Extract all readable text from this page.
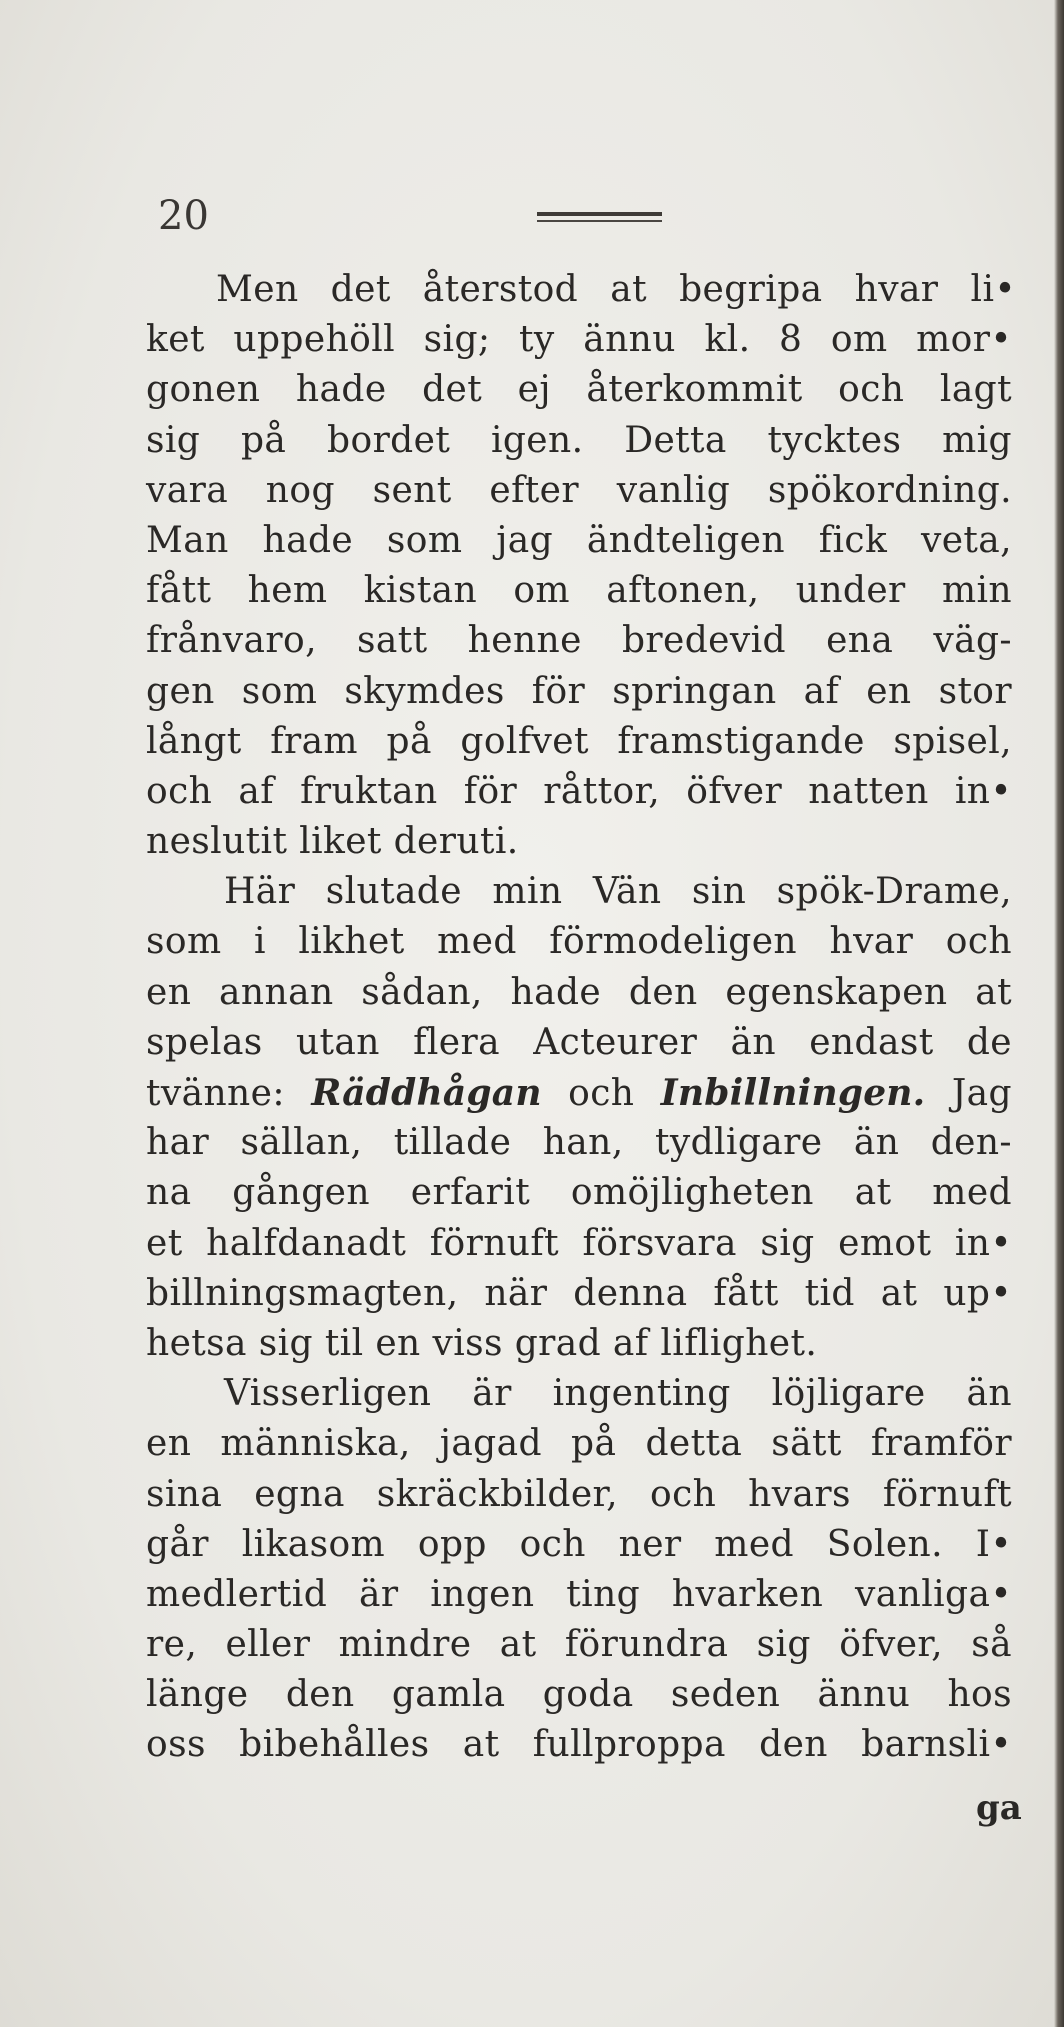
20
Men det återstod at begripa hvar li•
ket uppehöll sig; ty ännu kl. 8 om mor•
gonen hade det ej återkommit och lagt
sig på bordet igen. Detta tycktes mig
vara nog sent efter vanlig spökordning.
Man hade som jag ändteligen fick veta,
fått hem kistan om aftonen, under min
frånvaro, satt henne bredevid ena väg-
gen som skymdes för springan af en stor
långt fram på golfvet framstigande spisel,
och af fruktan för råttor, öfver natten in•
neslutit liket deruti.
Här slutade min Vän sin spök-Drame,
som i likhet med förmodeligen hvar och
en annan sådan, hade den egenskapen at
spelas utan flera Acteurer än endast de
tvänne: Räddhågan och Inbillningen. Jag
har sällan, tillade han, tydligare än den-
na gången erfarit omöjligheten at med
et halfdanadt förnuft försvara sig emot in•
billningsmagten, när denna fått tid at up•
hetsa sig til en viss grad af liflighet.
Visserligen är ingenting löjligare än
en människa, jagad på detta sätt framför
sina egna skräckbilder, och hvars förnuft
går likasom opp och ner med Solen. I•
medlertid är ingen ting hvarken vanliga•
re, eller mindre at förundra sig öfver, så
länge den gamla goda seden ännu hos
oss bibehålles at fullproppa den barnsli•
ga
